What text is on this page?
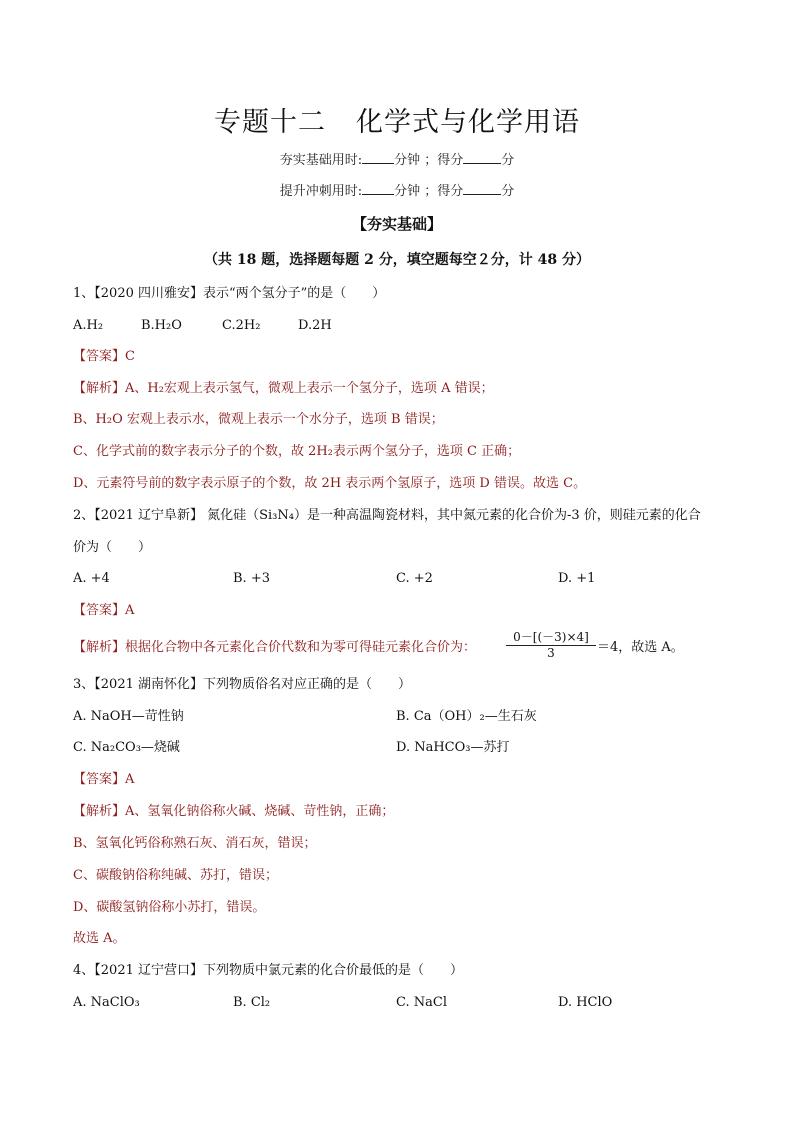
专题十二 化学式与化学用语
夯实基础用时: 分钟 ；得分	分
提升冲刺用时: 分钟 ；得分	分
【夯实基础】
（共 18 题，选择题每题 2 分，填空题每空２分，计 48 分）
1、【2020 四川雅安】表示“两个氢分子”的是（　　）
A.H₂	B.H₂O	C.2H₂	D.2H
【答案】C
【解析】A、H₂宏观上表示氢气，微观上表示一个氢分子，选项 A 错误；
B、H₂O 宏观上表示水，微观上表示一个水分子，选项 B 错误；
C、化学式前的数字表示分子的个数，故 2H₂表示两个氢分子，选项 C 正确；
D、元素符号前的数字表示原子的个数，故 2H 表示两个氢原子，选项 D 错误。故选 C。
2、【2021 辽宁阜新】 氮化硅（Si₃N₄）是一种高温陶瓷材料，其中氮元素的化合价为-3 价，则硅元素的化合
价为（　　）
A. +4	B. +3	C. +2	D. +1
【答案】A
【解析】根据化合物中各元素化合价代数和为零可得硅元素化合价为： $\frac{0-[(-3)\times 4]}{3} =4$，故选 A。
3、【2021 湖南怀化】下列物质俗名对应正确的是（　　）
A. NaOH—苛性钠	B. Ca（OH）₂—生石灰
C. Na₂CO₃—烧碱	D. NaHCO₃—苏打
【答案】A
【解析】A、氢氧化钠俗称火碱、烧碱、苛性钠，正确；
B、氢氧化钙俗称熟石灰、消石灰，错误；
C、碳酸钠俗称纯碱、苏打，错误；
D、碳酸氢钠俗称小苏打，错误。
故选 A。
4、【2021 辽宁营口】下列物质中氯元素的化合价最低的是（　　）
A. NaClO₃	B. Cl₂	C. NaCl	D. HClO
